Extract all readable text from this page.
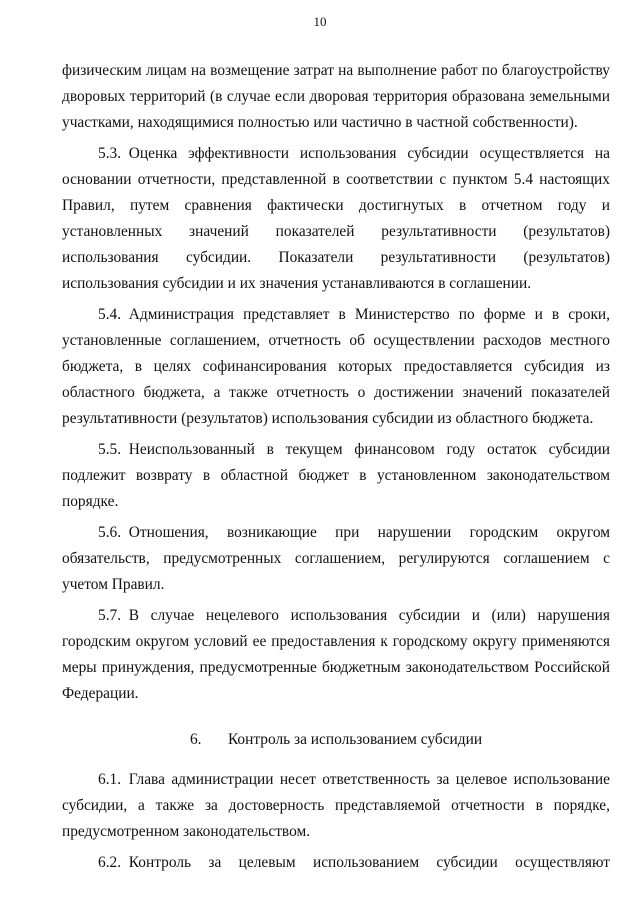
10

физическим лицам на возмещение затрат на выполнение работ по благоустройству дворовых территорий (в случае если дворовая территория образована земельными участками, находящимися полностью или частично в частной собственности).

5.3.  Оценка эффективности использования субсидии осуществляется на основании отчетности, представленной в соответствии с пунктом 5.4 настоящих Правил, путем сравнения фактически достигнутых в отчетном году и установленных значений показателей результативности (результатов) использования субсидии. Показатели результативности (результатов) использования субсидии и их значения устанавливаются в соглашении.

5.4.  Администрация представляет в Министерство по форме и в сроки, установленные соглашением, отчетность об осуществлении расходов местного бюджета, в целях софинансирования которых предоставляется субсидия из областного бюджета, а также отчетность о достижении значений показателей результативности (результатов) использования субсидии из областного бюджета.

5.5.  Неиспользованный в текущем финансовом году остаток субсидии подлежит возврату в областной бюджет в установленном законодательством порядке.

5.6.  Отношения, возникающие при нарушении городским округом обязательств, предусмотренных соглашением, регулируются соглашением с учетом Правил.

5.7.  В случае нецелевого использования субсидии и (или) нарушения городским округом условий ее предоставления к городскому округу применяются меры принуждения, предусмотренные бюджетным законодательством Российской Федерации.

6. Контроль за использованием субсидии

6.1.  Глава администрации несет ответственность за целевое использование субсидии, а также за достоверность представляемой отчетности в порядке, предусмотренном законодательством.

6.2.  Контроль за целевым использованием субсидии осуществляют
